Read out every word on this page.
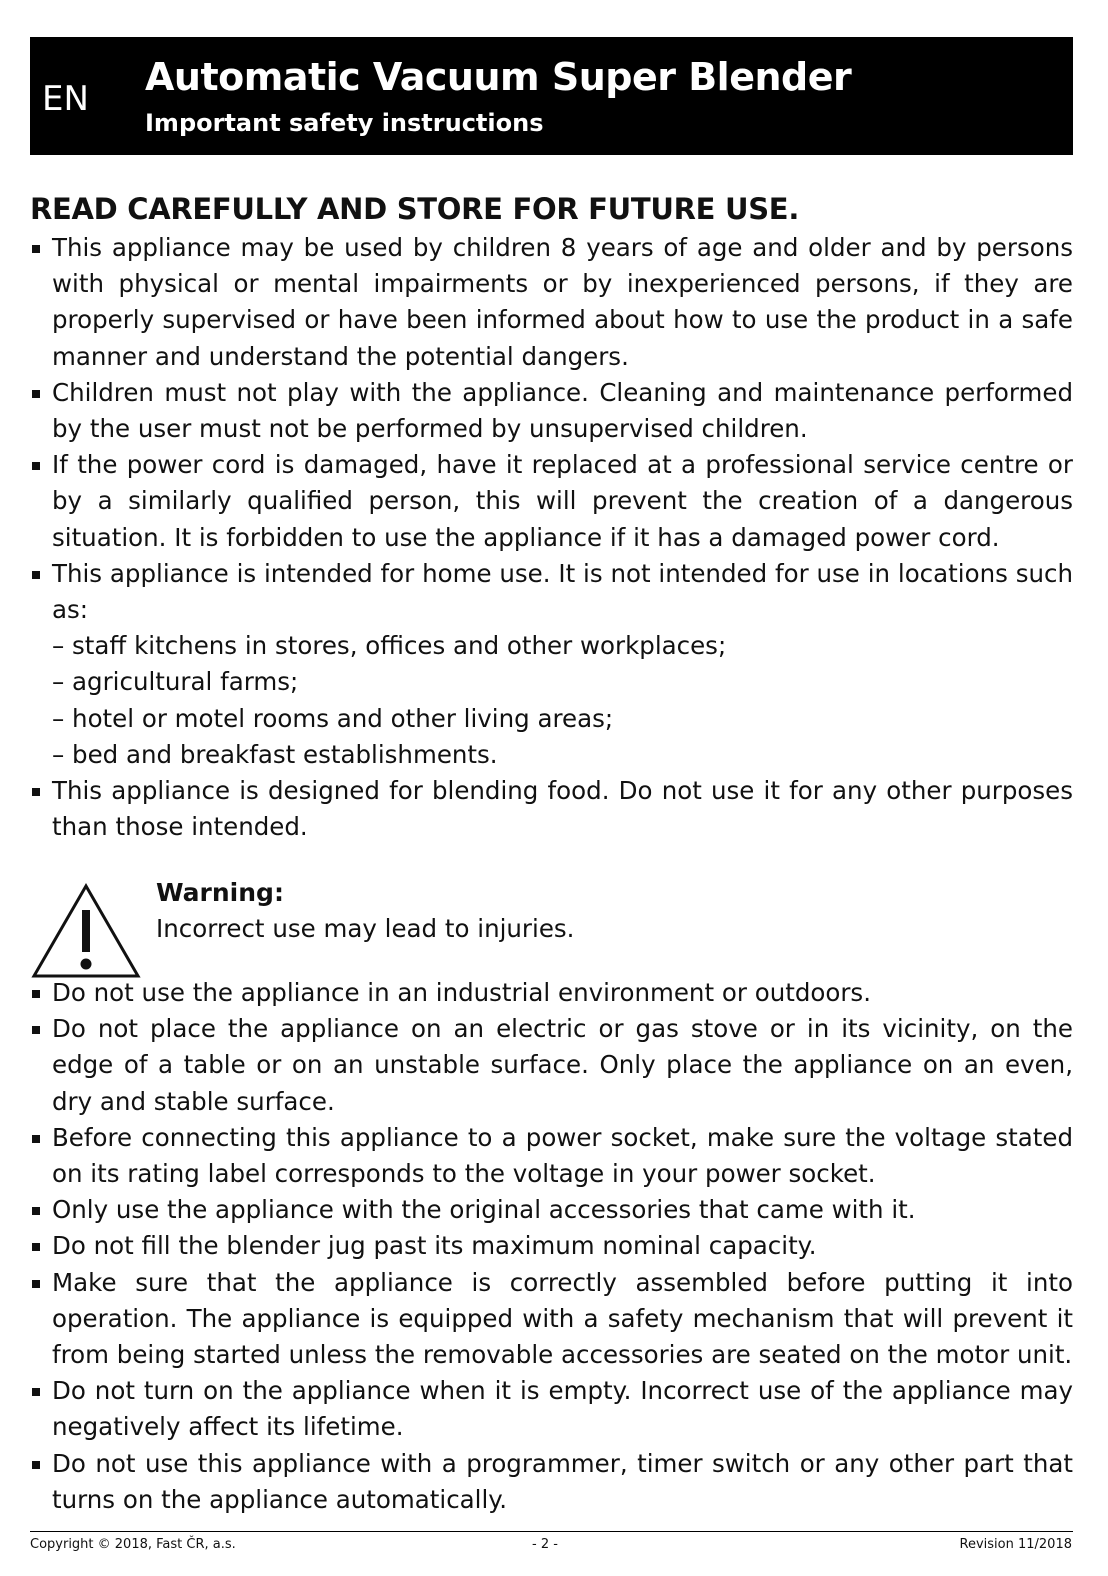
EN Automatic Vacuum Super Blender
Important safety instructions
READ CAREFULLY AND STORE FOR FUTURE USE.

This appliance may be used by children 8 years of age and older and by persons with physical or mental impairments or by inexperienced persons, if they are properly supervised or have been informed about how to use the product in a safe manner and understand the potential dangers.

Children must not play with the appliance. Cleaning and maintenance performed by the user must not be performed by unsupervised children.

If the power cord is damaged, have it replaced at a professional service centre or by a similarly qualified person, this will prevent the creation of a dangerous situation. It is forbidden to use the appliance if it has a damaged power cord.

This appliance is intended for home use. It is not intended for use in locations such as:

– staff kitchens in stores, offices and other workplaces;

– agricultural farms;

– hotel or motel rooms and other living areas;

– bed and breakfast establishments.

This appliance is designed for blending food. Do not use it for any other purposes than those intended.

Warning:
Incorrect use may lead to injuries.

Do not use the appliance in an industrial environment or outdoors.

Do not place the appliance on an electric or gas stove or in its vicinity, on the edge of a table or on an unstable surface. Only place the appliance on an even, dry and stable surface.

Before connecting this appliance to a power socket, make sure the voltage stated on its rating label corresponds to the voltage in your power socket.

Only use the appliance with the original accessories that came with it.

Do not fill the blender jug past its maximum nominal capacity.

Make sure that the appliance is correctly assembled before putting it into operation. The appliance is equipped with a safety mechanism that will prevent it from being started unless the removable accessories are seated on the motor unit.

Do not turn on the appliance when it is empty. Incorrect use of the appliance may negatively affect its lifetime.

Do not use this appliance with a programmer, timer switch or any other part that turns on the appliance automatically.

Copyright © 2018, Fast ČR, a.s.	- 2 -	Revision 11/2018
